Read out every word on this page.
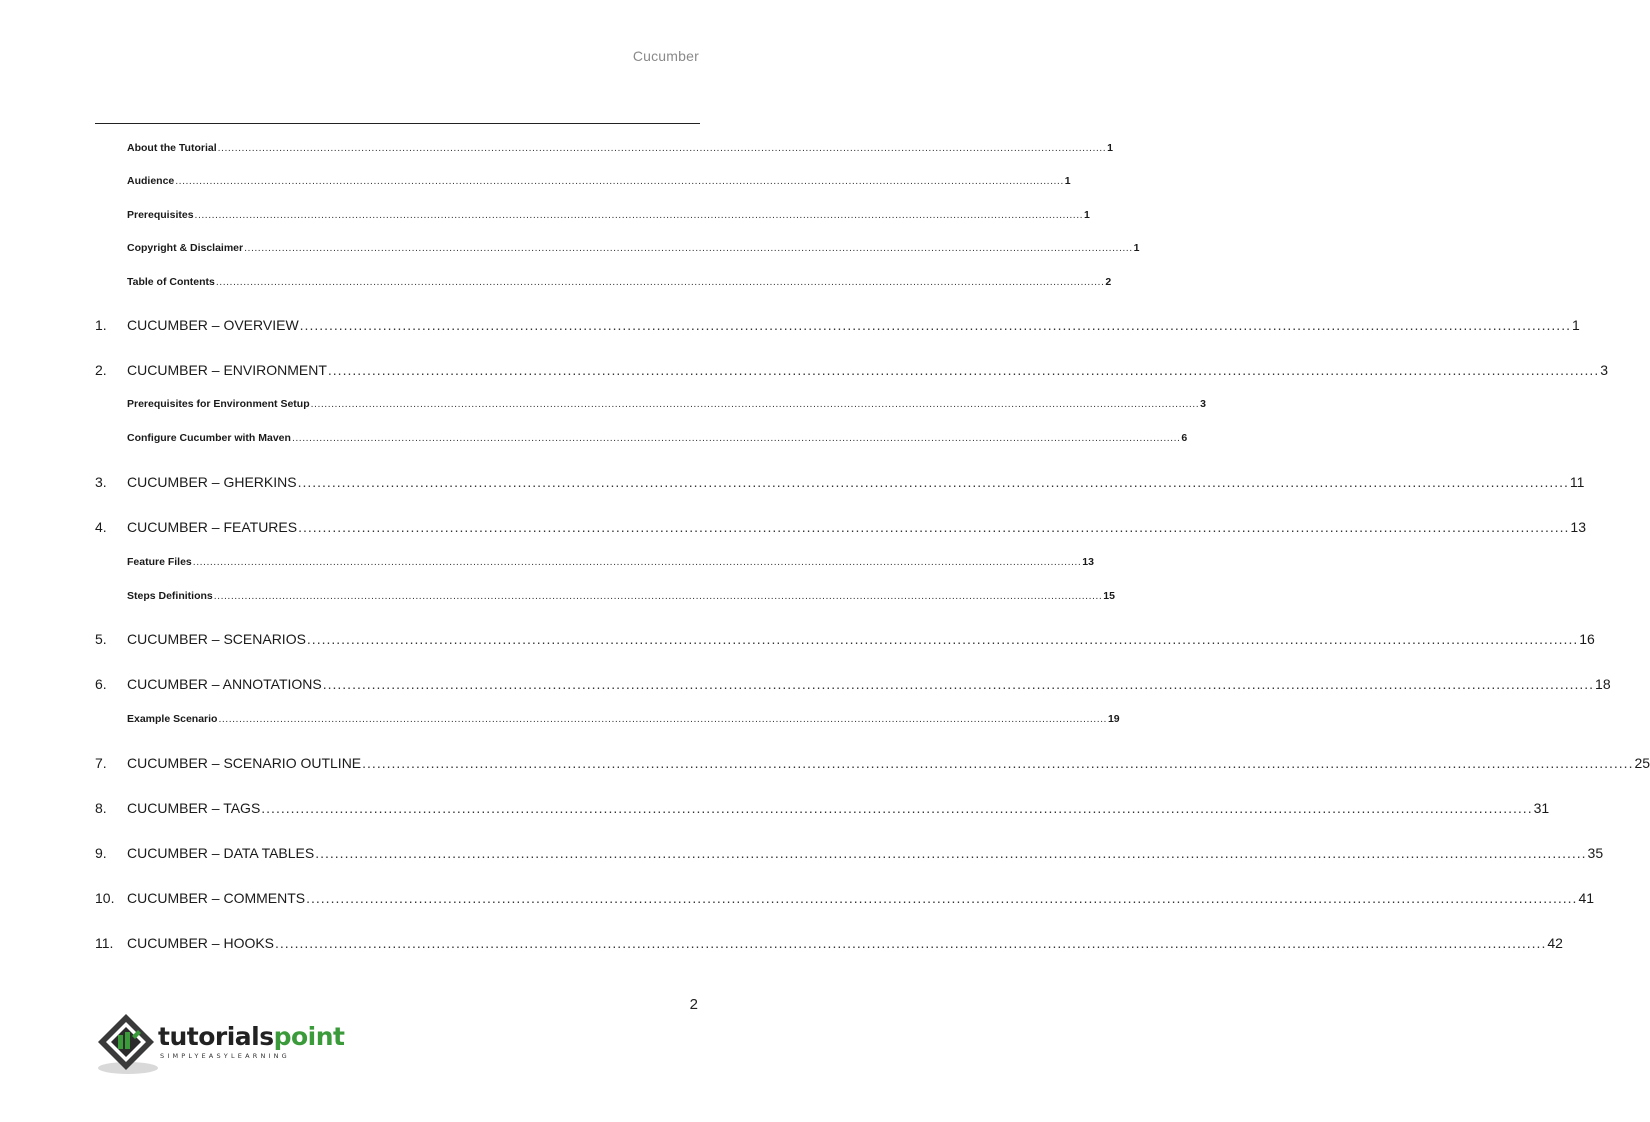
Cucumber
About the Tutorial .................................................................................................................................................................................................................................................................... 1
Audience .................................................................................................................................................................................................................................................................... 1
Prerequisites .................................................................................................................................................................................................................................................................... 1
Copyright & Disclaimer .................................................................................................................................................................................................................................................................... 1
Table of Contents .................................................................................................................................................................................................................................................................... 2
1.	CUCUMBER – OVERVIEW .................................................................................................................................................................................................................................................................... 1
2.	CUCUMBER – ENVIRONMENT .................................................................................................................................................................................................................................................................... 3
Prerequisites for Environment Setup .................................................................................................................................................................................................................................................................... 3
Configure Cucumber with Maven .................................................................................................................................................................................................................................................................... 6
3.	CUCUMBER – GHERKINS .................................................................................................................................................................................................................................................................... 11
4.	CUCUMBER – FEATURES .................................................................................................................................................................................................................................................................... 13
Feature Files .................................................................................................................................................................................................................................................................... 13
Steps Definitions .................................................................................................................................................................................................................................................................... 15
5.	CUCUMBER – SCENARIOS .................................................................................................................................................................................................................................................................... 16
6.	CUCUMBER – ANNOTATIONS .................................................................................................................................................................................................................................................................... 18
Example Scenario .................................................................................................................................................................................................................................................................... 19
7.	CUCUMBER – SCENARIO OUTLINE .................................................................................................................................................................................................................................................................... 25
8.	CUCUMBER – TAGS .................................................................................................................................................................................................................................................................... 31
9.	CUCUMBER – DATA TABLES .................................................................................................................................................................................................................................................................... 35
10. CUCUMBER – COMMENTS .................................................................................................................................................................................................................................................................... 41
11. CUCUMBER – HOOKS .................................................................................................................................................................................................................................................................... 42
2
tutorialspoint
SIMPLYEASYLEARNING
